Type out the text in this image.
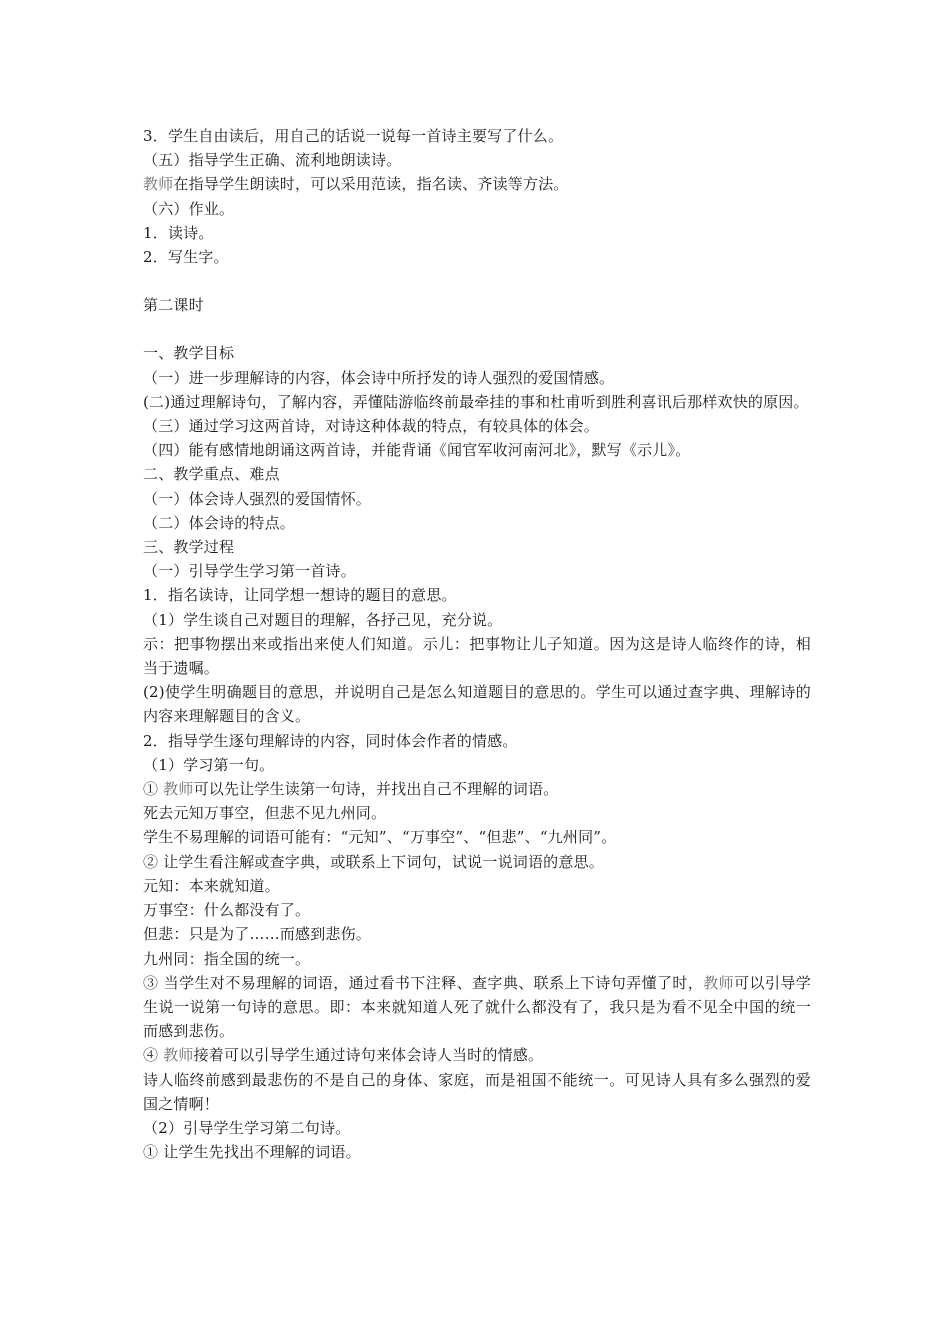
3．学生自由读后，用自己的话说一说每一首诗主要写了什么。
（五）指导学生正确、流利地朗读诗。
教师在指导学生朗读时，可以采用范读，指名读、齐读等方法。
（六）作业。
1．读诗。
2．写生字。
第二课时
一、教学目标
（一）进一步理解诗的内容，体会诗中所抒发的诗人强烈的爱国情感。
(二)通过理解诗句，了解内容，弄懂陆游临终前最牵挂的事和杜甫听到胜利喜讯后那样欢快的原因。
（三）通过学习这两首诗，对诗这种体裁的特点，有较具体的体会。
（四）能有感情地朗诵这两首诗，并能背诵《闻官军收河南河北》，默写《示儿》。
二、教学重点、难点
（一）体会诗人强烈的爱国情怀。
（二）体会诗的特点。
三、教学过程
（一）引导学生学习第一首诗。
1．指名读诗，让同学想一想诗的题目的意思。
（1）学生谈自己对题目的理解，各抒己见，充分说。
示：把事物摆出来或指出来使人们知道。示儿：把事物让儿子知道。因为这是诗人临终作的诗，相当于遗嘱。
(2)使学生明确题目的意思，并说明自己是怎么知道题目的意思的。学生可以通过查字典、理解诗的内容来理解题目的含义。
2．指导学生逐句理解诗的内容，同时体会作者的情感。
（1）学习第一句。
① 教师可以先让学生读第一句诗，并找出自己不理解的词语。
死去元知万事空，但悲不见九州同。
学生不易理解的词语可能有：“元知”、“万事空”、“但悲”、“九州同”。
② 让学生看注解或查字典，或联系上下词句，试说一说词语的意思。
元知：本来就知道。
万事空：什么都没有了。
但悲：只是为了……而感到悲伤。
九州同：指全国的统一。
③ 当学生对不易理解的词语，通过看书下注释、查字典、联系上下诗句弄懂了时，教师可以引导学生说一说第一句诗的意思。即：本来就知道人死了就什么都没有了，我只是为看不见全中国的统一而感到悲伤。
④ 教师接着可以引导学生通过诗句来体会诗人当时的情感。
诗人临终前感到最悲伤的不是自己的身体、家庭，而是祖国不能统一。可见诗人具有多么强烈的爱国之情啊！
（2）引导学生学习第二句诗。
① 让学生先找出不理解的词语。
